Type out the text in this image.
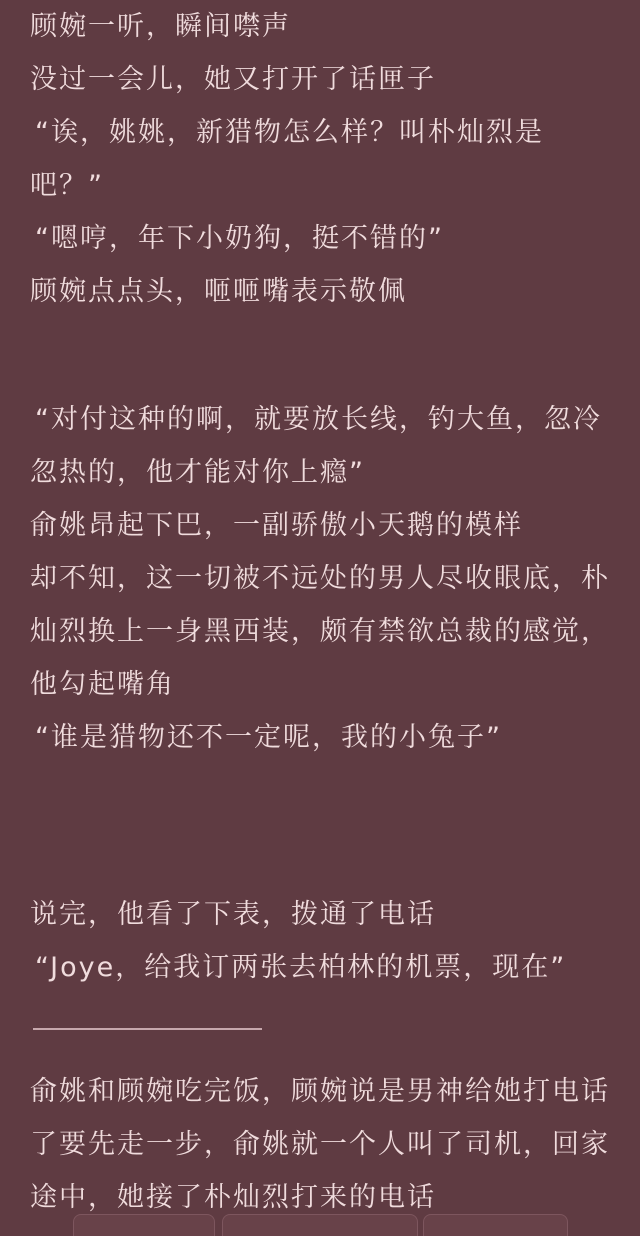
顾婉一听，瞬间噤声
没过一会儿，她又打开了话匣子
“诶，姚姚，新猎物怎么样？叫朴灿烈是
吧？”
“嗯哼，年下小奶狗，挺不错的”
顾婉点点头，咂咂嘴表示敬佩
“对付这种的啊，就要放长线，钓大鱼，忽冷
忽热的，他才能对你上瘾”
俞姚昂起下巴，一副骄傲小天鹅的模样
却不知，这一切被不远处的男人尽收眼底，朴
灿烈换上一身黑西装，颇有禁欲总裁的感觉，
他勾起嘴角
“谁是猎物还不一定呢，我的小兔子”
说完，他看了下表，拨通了电话
“Joye，给我订两张去柏林的机票，现在”
俞姚和顾婉吃完饭，顾婉说是男神给她打电话
了要先走一步，俞姚就一个人叫了司机，回家
途中，她接了朴灿烈打来的电话
